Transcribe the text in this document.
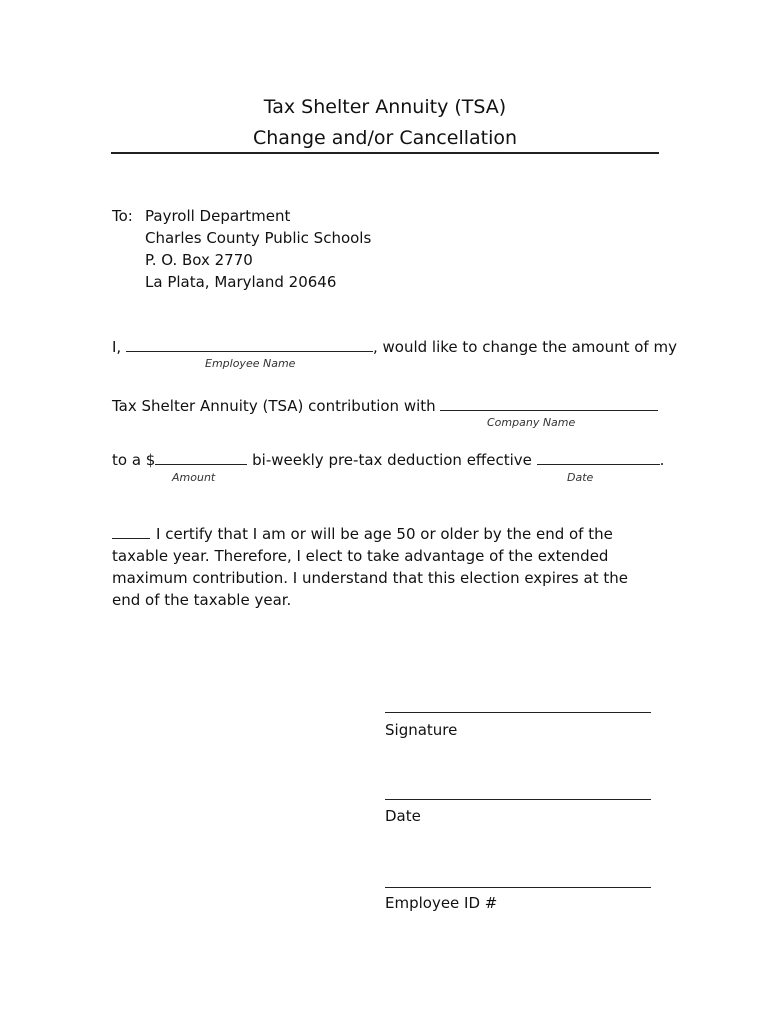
Tax Shelter Annuity (TSA)
Change and/or Cancellation
To: Payroll Department
Charles County Public Schools
P. O. Box 2770
La Plata, Maryland 20646
I,	, would like to change the amount of my
Employee Name
Tax Shelter Annuity (TSA) contribution with
Company Name
to a $	bi-weekly pre-tax deduction effective	.
Amount	Date
I certify that I am or will be age 50 or older by the end of the taxable year. Therefore, I elect to take advantage of the extended maximum contribution. I understand that this election expires at the end of the taxable year.
Signature
Date
Employee ID #
